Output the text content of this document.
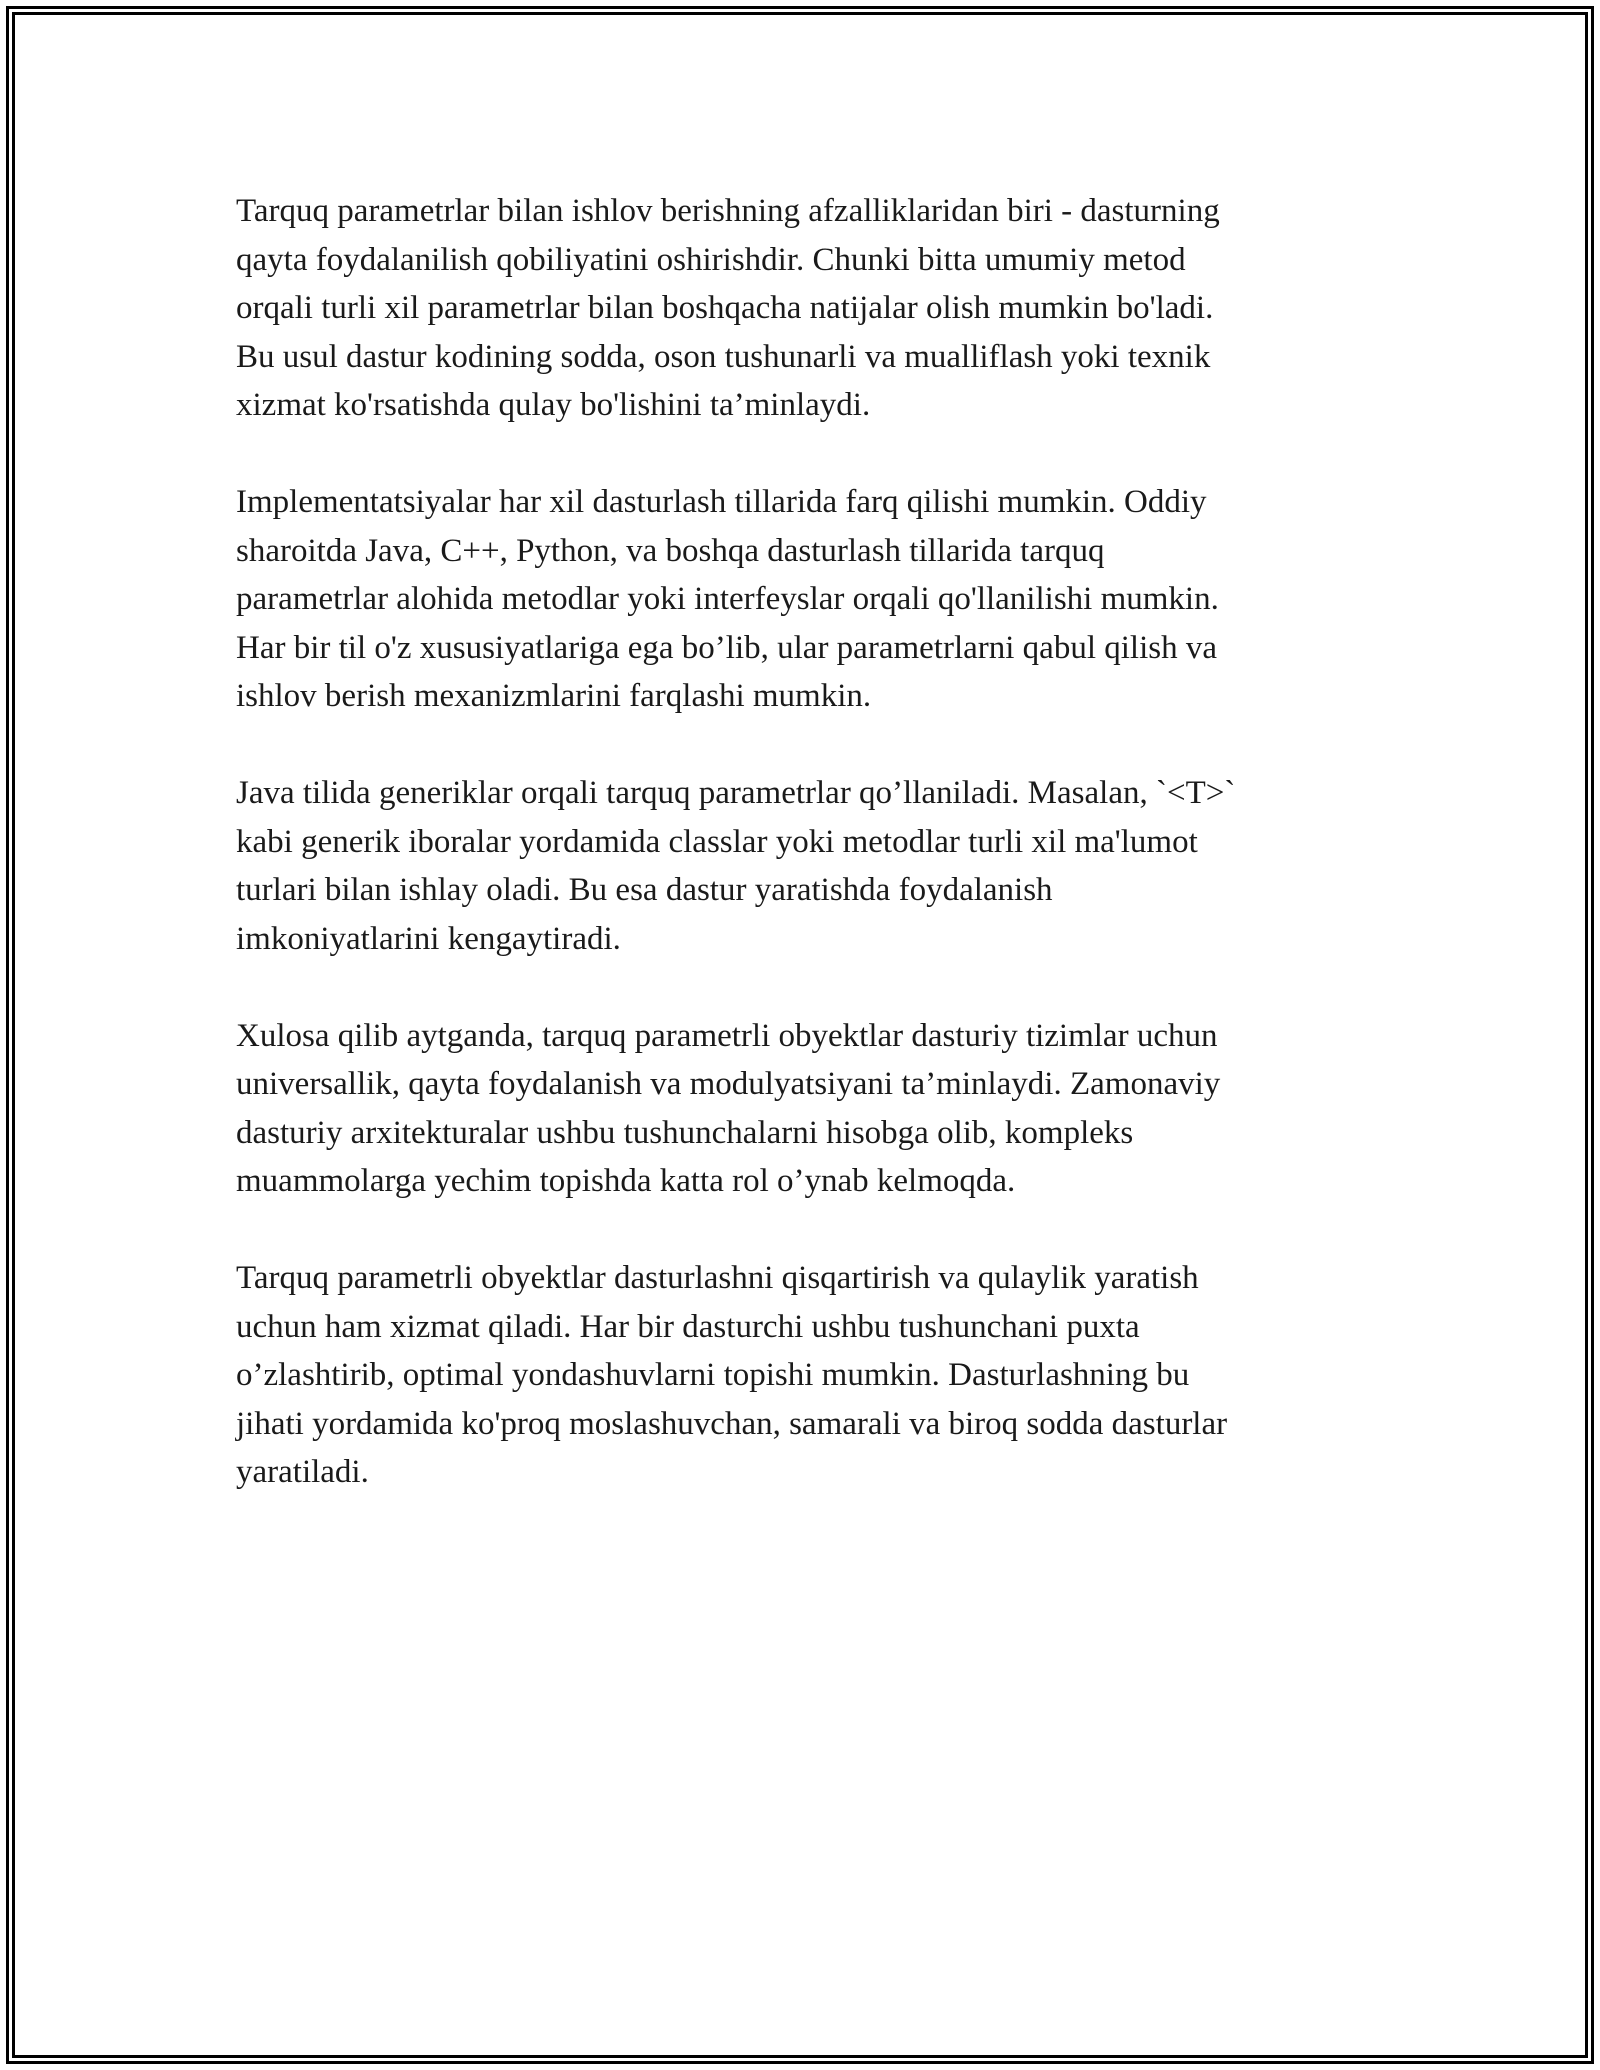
Tarquq parametrlar bilan ishlov berishning afzalliklaridan biri - dasturning
qayta foydalanilish qobiliyatini oshirishdir. Chunki bitta umumiy metod
orqali turli xil parametrlar bilan boshqacha natijalar olish mumkin bo'ladi.
Bu usul dastur kodining sodda, oson tushunarli va mualliflash yoki texnik
xizmat ko'rsatishda qulay bo'lishini ta’minlaydi.

Implementatsiyalar har xil dasturlash tillarida farq qilishi mumkin. Oddiy
sharoitda Java, C++, Python, va boshqa dasturlash tillarida tarquq
parametrlar alohida metodlar yoki interfeyslar orqali qo'llanilishi mumkin.
Har bir til o'z xususiyatlariga ega bo’lib, ular parametrlarni qabul qilish va
ishlov berish mexanizmlarini farqlashi mumkin.

Java tilida generiklar orqali tarquq parametrlar qo’llaniladi. Masalan, `<T>`
kabi generik iboralar yordamida classlar yoki metodlar turli xil ma'lumot
turlari bilan ishlay oladi. Bu esa dastur yaratishda foydalanish
imkoniyatlarini kengaytiradi.

Xulosa qilib aytganda, tarquq parametrli obyektlar dasturiy tizimlar uchun
universallik, qayta foydalanish va modulyatsiyani ta’minlaydi. Zamonaviy
dasturiy arxitekturalar ushbu tushunchalarni hisobga olib, kompleks
muammolarga yechim topishda katta rol o’ynab kelmoqda.

Tarquq parametrli obyektlar dasturlashni qisqartirish va qulaylik yaratish
uchun ham xizmat qiladi. Har bir dasturchi ushbu tushunchani puxta
o’zlashtirib, optimal yondashuvlarni topishi mumkin. Dasturlashning bu
jihati yordamida ko'proq moslashuvchan, samarali va biroq sodda dasturlar
yaratiladi.
